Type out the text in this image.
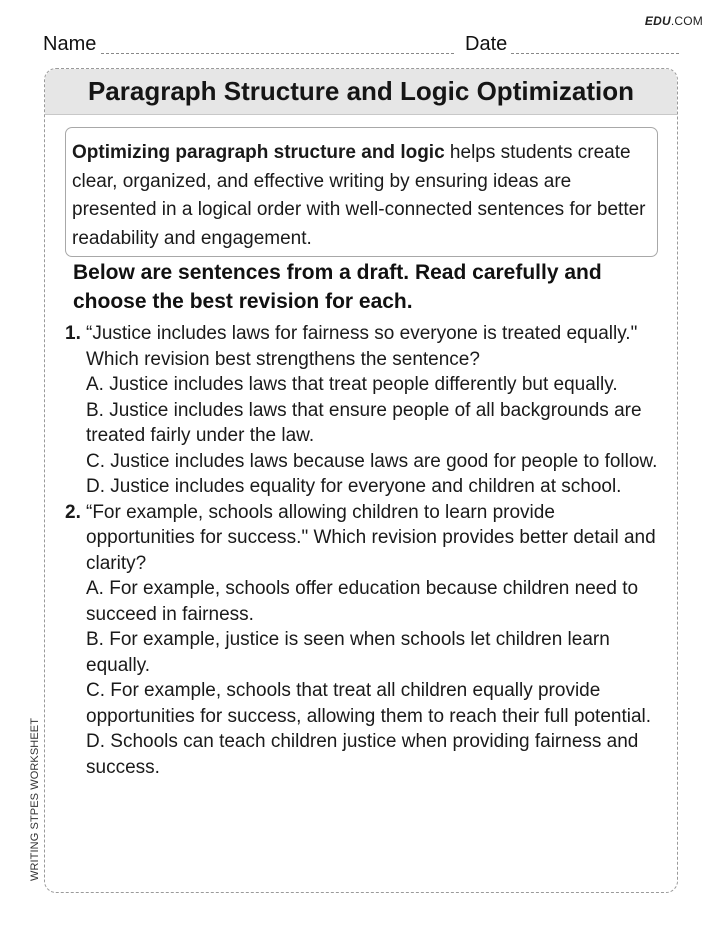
EDU.COM
Name	Date
Paragraph Structure and Logic Optimization
Optimizing paragraph structure and logic helps students create clear, organized, and effective writing by ensuring ideas are presented in a logical order with well-connected sentences for better readability and engagement.
Below are sentences from a draft. Read carefully and choose the best revision for each.
1. “Justice includes laws for fairness so everyone is treated equally." Which revision best strengthens the sentence?
A. Justice includes laws that treat people differently but equally.
B. Justice includes laws that ensure people of all backgrounds are treated fairly under the law.
C. Justice includes laws because laws are good for people to follow.
D. Justice includes equality for everyone and children at school.
2. “For example, schools allowing children to learn provide opportunities for success." Which revision provides better detail and clarity?
A. For example, schools offer education because children need to succeed in fairness.
B. For example, justice is seen when schools let children learn equally.
C. For example, schools that treat all children equally provide opportunities for success, allowing them to reach their full potential.
D. Schools can teach children justice when providing fairness and success.
WRITING STPES WORKSHEET
